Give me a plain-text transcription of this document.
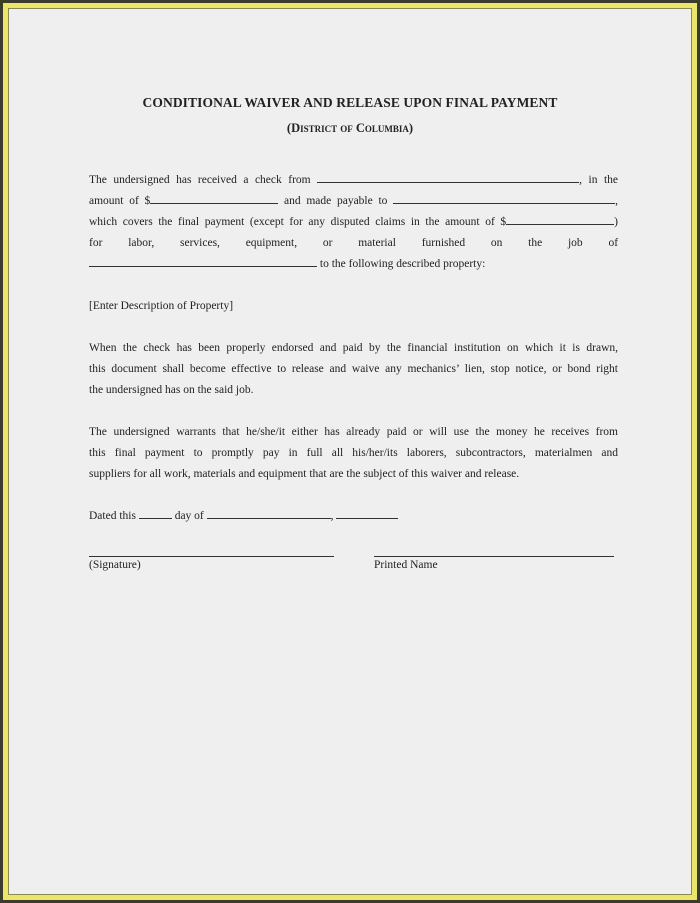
CONDITIONAL WAIVER AND RELEASE UPON FINAL PAYMENT
(District of Columbia)
The undersigned has received a check from	, in the
amount of $	and made payable to	,
which covers the final payment (except for any disputed claims in the amount of $	)
for labor, services, equipment, or material furnished on the job of
to the following described property:
[Enter Description of Property]
When the check has been properly endorsed and paid by the financial institution on which it is drawn,
this document shall become effective to release and waive any mechanics’ lien, stop notice, or bond right
the undersigned has on the said job.
The undersigned warrants that he/she/it either has already paid or will use the money he receives from
this final payment to promptly pay in full all his/her/its laborers, subcontractors, materialmen and
suppliers for all work, materials and equipment that are the subject of this waiver and release.
Dated this	day of	,
(Signature)	Printed Name
